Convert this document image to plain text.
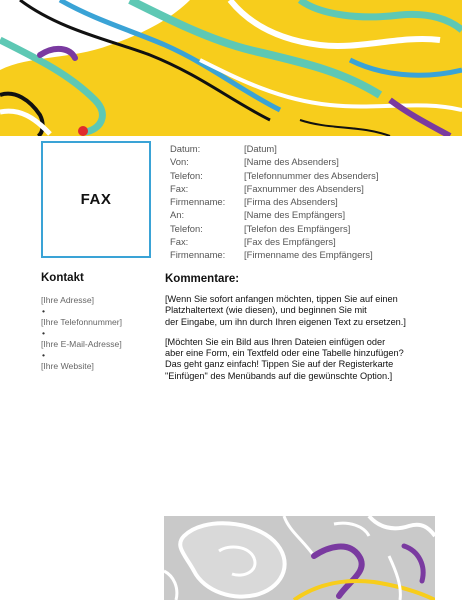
FAX
Datum:	[Datum]
Von:	[Name des Absenders]
Telefon:	[Telefonnummer des Absenders]
Fax:	[Faxnummer des Absenders]
Firmenname:	[Firma des Absenders]
An:	[Name des Empfängers]
Telefon:	[Telefon des Empfängers]
Fax:	[Fax des Empfängers]
Firmenname:	[Firmenname des Empfängers]
Kontakt
[Ihre Adresse]
•
[Ihre Telefonnummer]
•
[Ihre E-Mail-Adresse]
•
[Ihre Website]
Kommentare:

[Wenn Sie sofort anfangen möchten, tippen Sie auf einen
Platzhaltertext (wie diesen), und beginnen Sie mit
der Eingabe, um ihn durch Ihren eigenen Text zu ersetzen.]

[Möchten Sie ein Bild aus Ihren Dateien einfügen oder
aber eine Form, ein Textfeld oder eine Tabelle hinzufügen?
Das geht ganz einfach! Tippen Sie auf der Registerkarte
"Einfügen" des Menübands auf die gewünschte Option.]
